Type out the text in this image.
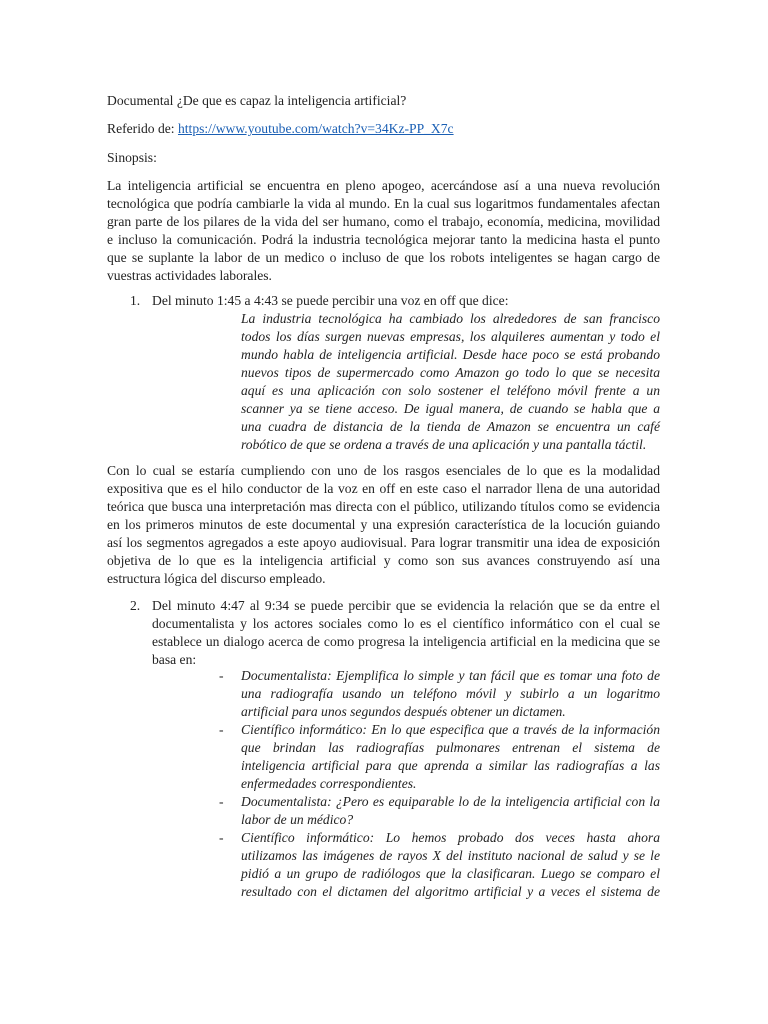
Documental ¿De que es capaz la inteligencia artificial?
Referido de: https://www.youtube.com/watch?v=34Kz-PP_X7c
Sinopsis:
La inteligencia artificial se encuentra en pleno apogeo, acercándose así a una nueva revolución
tecnológica que podría cambiarle la vida al mundo. En la cual sus logaritmos fundamentales afectan
gran parte de los pilares de la vida del ser humano, como el trabajo, economía, medicina, movilidad
e incluso la comunicación. Podrá la industria tecnológica mejorar tanto la medicina hasta el punto
que se suplante la labor de un medico o incluso de que los robots inteligentes se hagan cargo de
vuestras actividades laborales.
1. Del minuto 1:45 a 4:43 se puede percibir una voz en off que dice:
La industria tecnológica ha cambiado los alrededores de san francisco
todos los días surgen nuevas empresas, los alquileres aumentan y todo el
mundo habla de inteligencia artificial. Desde hace poco se está probando
nuevos tipos de supermercado como Amazon go todo lo que se necesita
aquí es una aplicación con solo sostener el teléfono móvil frente a un
scanner ya se tiene acceso. De igual manera, de cuando se habla que a
una cuadra de distancia de la tienda de Amazon se encuentra un café
robótico de que se ordena a través de una aplicación y una pantalla táctil.
Con lo cual se estaría cumpliendo con uno de los rasgos esenciales de lo que es la modalidad
expositiva que es el hilo conductor de la voz en off en este caso el narrador llena de una autoridad
teórica que busca una interpretación mas directa con el público, utilizando títulos como se evidencia
en los primeros minutos de este documental y una expresión característica de la locución guiando
así los segmentos agregados a este apoyo audiovisual. Para lograr transmitir una idea de exposición
objetiva de lo que es la inteligencia artificial y como son sus avances construyendo así una
estructura lógica del discurso empleado.
2. Del minuto 4:47 al 9:34 se puede percibir que se evidencia la relación que se da entre el
documentalista y los actores sociales como lo es el científico informático con el cual se
establece un dialogo acerca de como progresa la inteligencia artificial en la medicina que se
basa en:
- Documentalista: Ejemplifica lo simple y tan fácil que es tomar una foto de
una radiografía usando un teléfono móvil y subirlo a un logaritmo
artificial para unos segundos después obtener un dictamen.
- Científico informático: En lo que especifica que a través de la información
que brindan las radiografías pulmonares entrenan el sistema de
inteligencia artificial para que aprenda a similar las radiografías a las
enfermedades correspondientes.
- Documentalista: ¿Pero es equiparable lo de la inteligencia artificial con la
labor de un médico?
- Científico informático: Lo hemos probado dos veces hasta ahora
utilizamos las imágenes de rayos X del instituto nacional de salud y se le
pidió a un grupo de radiólogos que la clasificaran. Luego se comparo el
resultado con el dictamen del algoritmo artificial y a veces el sistema de
